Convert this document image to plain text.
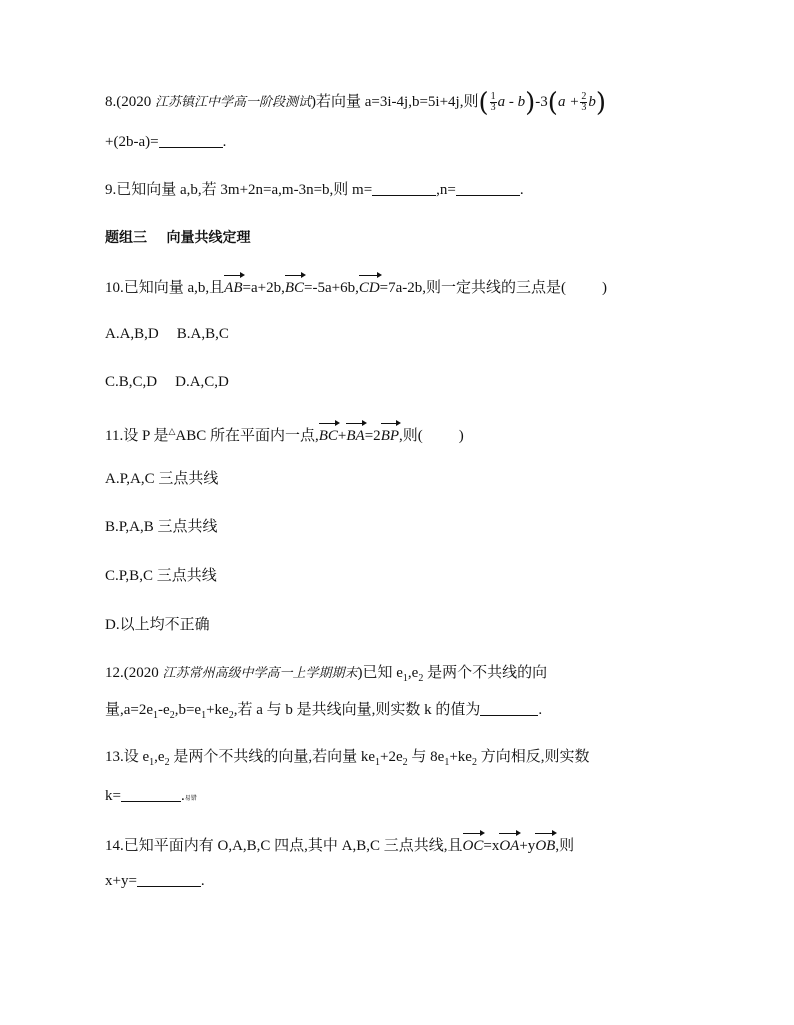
8.(2020 江苏镇江中学高一阶段测试)若向量 a=3i-4j,b=5i+4j,则( $\frac{1}{3}$ $a - b)-3(a + \frac{2}{3} b)$
+(2b-a)=	.
9.已知向量 a,b,若 3m+2n=a,m-3n=b,则 m=	,n=	.
题组三    向量共线定理
10.已知向量 a,b,且AB=a+2b,BC=-5a+6b,CD=7a-2b,则一定共线的三点是( )
A.A,B,D B.A,B,C
C.B,C,D D.A,C,D
11.设 P 是△ABC 所在平面内一点,BC+BA=2BP,则( )
A.P,A,C 三点共线
B.P,A,B 三点共线
C.P,B,C 三点共线
D.以上均不正确
12.(2020 江苏常州高级中学高一上学期期末)已知 $e_1,e_2$ 是两个不共线的向
量$,a=2e_1-e_2,b=e_1+ke_2$,若 a 与 b 是共线向量,则实数 k 的值为	.
13.设 $e_1,e_2$ 是两个不共线的向量,若向量 $ke_1+2e_2$ 与 $8e_1+ke_2$ 方向相反,则实数
k=	.易错
14.已知平面内有 O,A,B,C 四点,其中 A,B,C 三点共线,且OC=xOA+yOB,则
x+y=	.
